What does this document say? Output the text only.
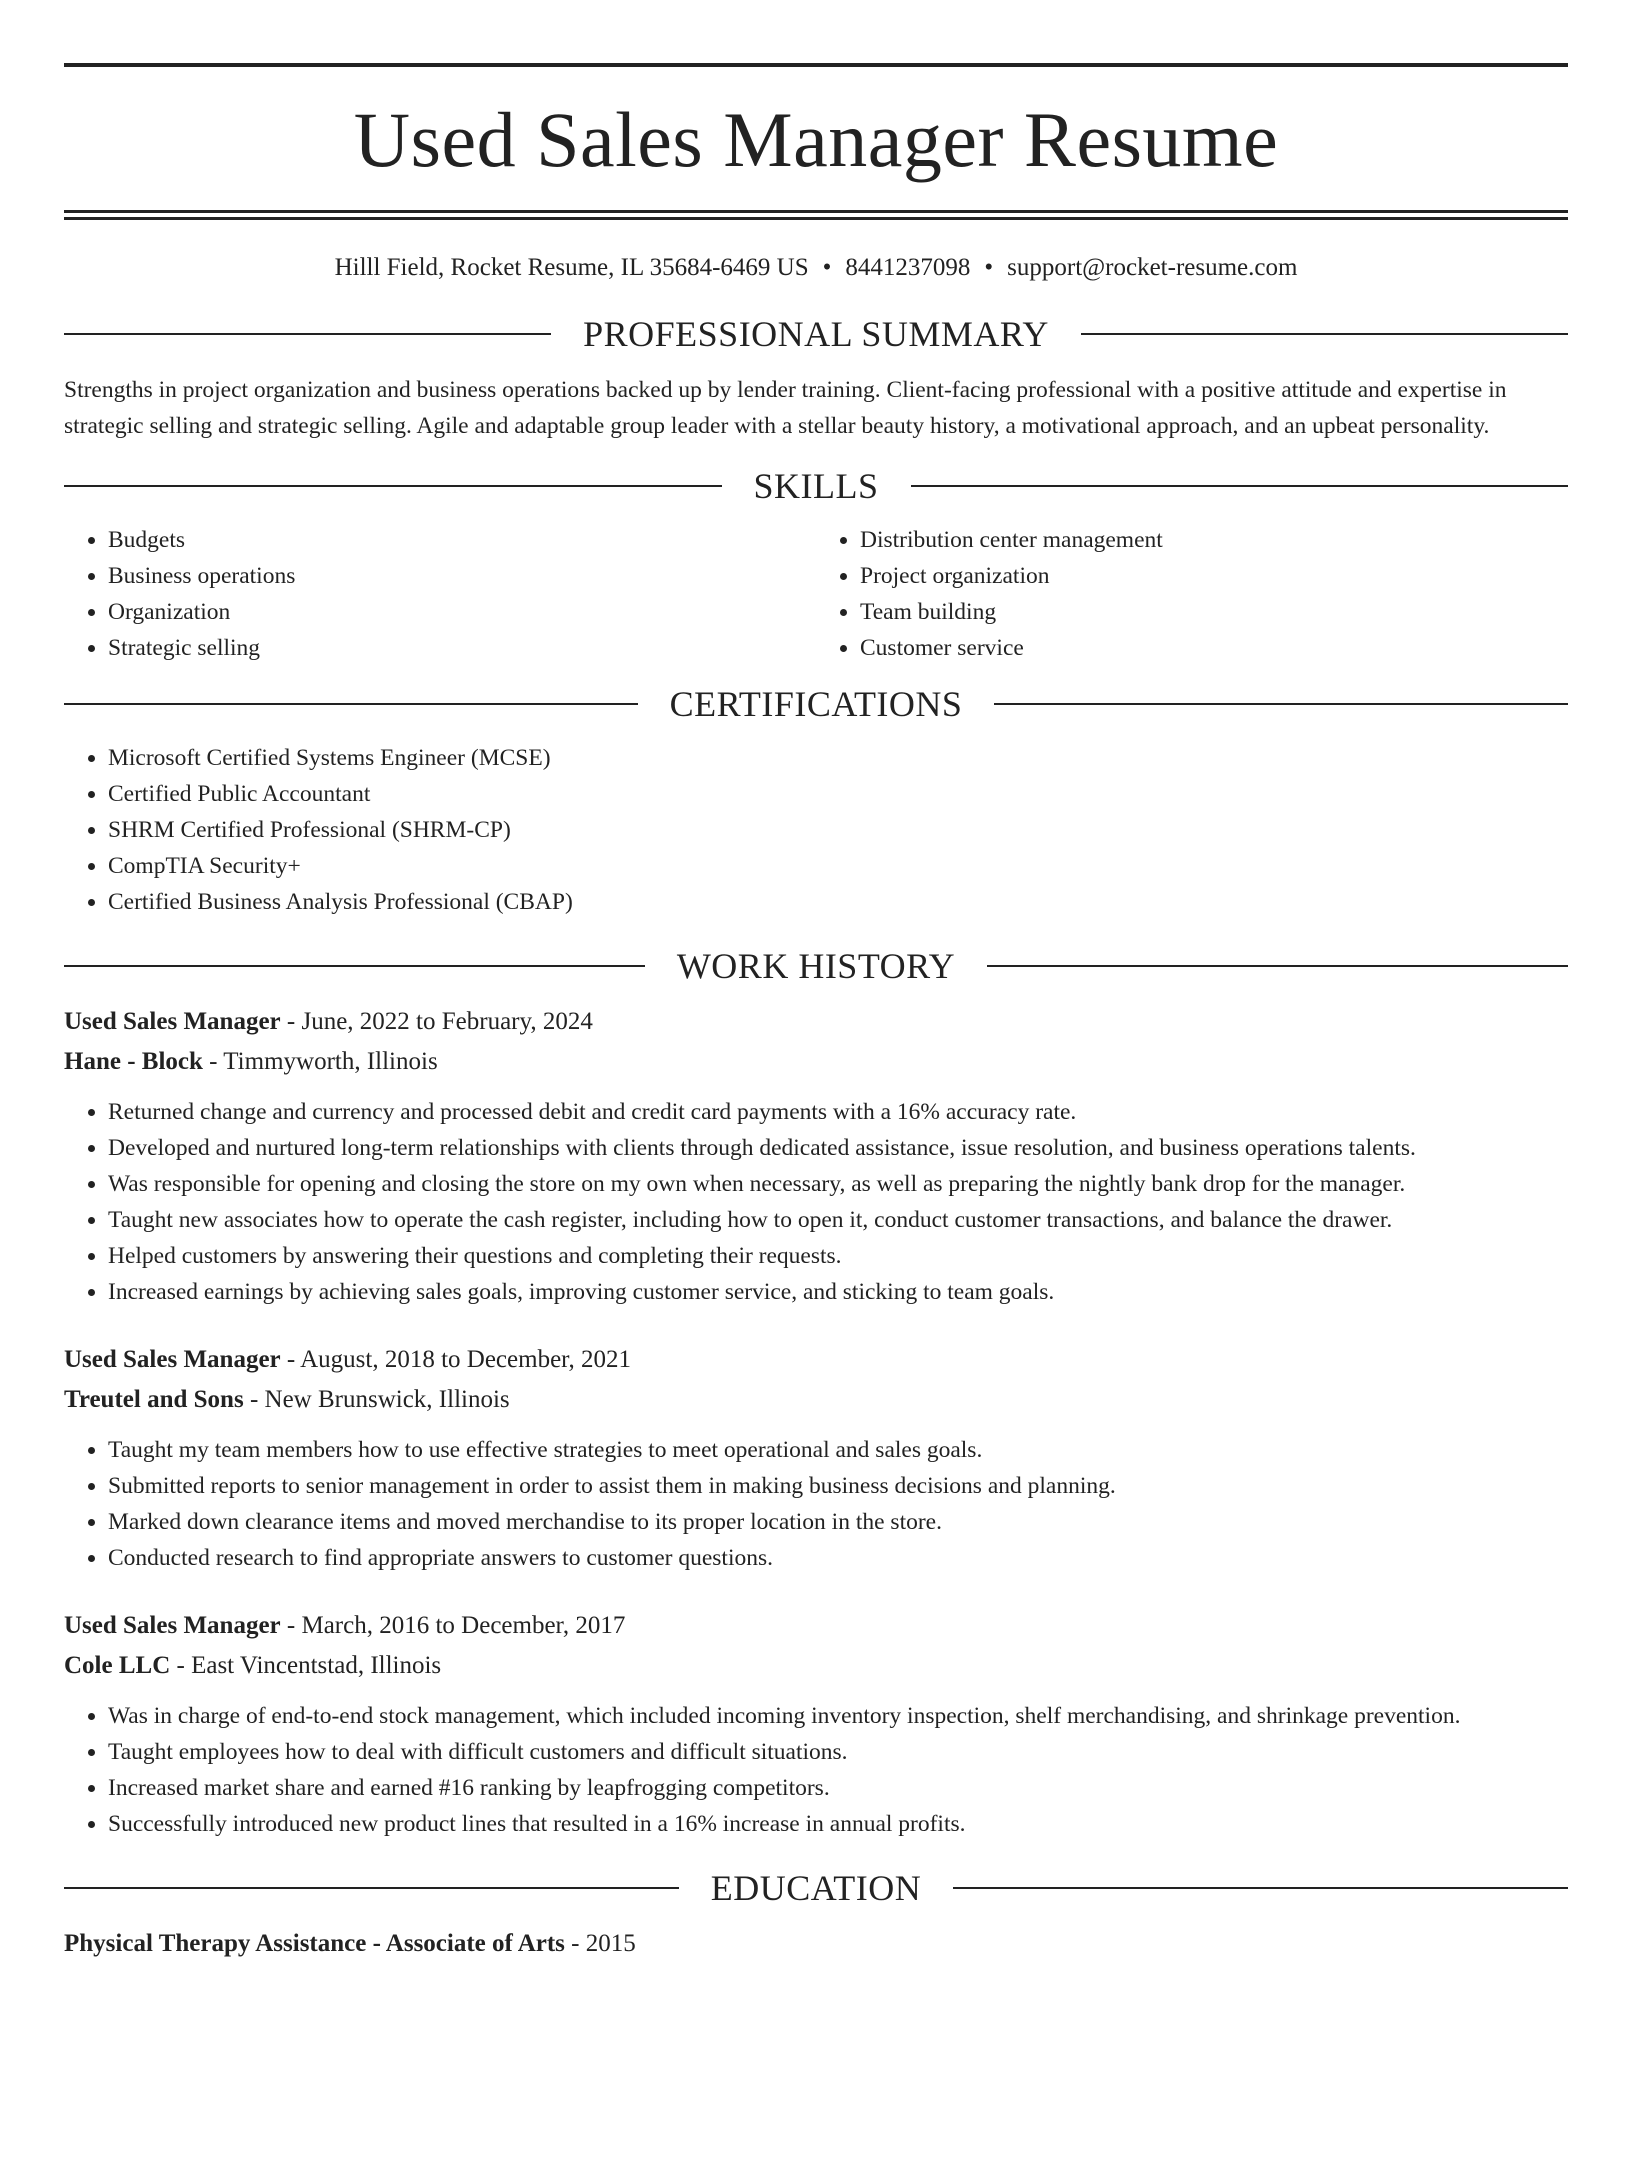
Used Sales Manager Resume
Hilll Field, Rocket Resume, IL 35684-6469 US • 8441237098 • support@rocket-resume.com
PROFESSIONAL SUMMARY

Strengths in project organization and business operations backed up by lender training. Client-facing professional with a positive attitude and expertise in strategic selling and strategic selling. Agile and adaptable group leader with a stellar beauty history, a motivational approach, and an upbeat personality.

SKILLS
• Budgets
• Business operations
• Organization
• Strategic selling
• Distribution center management
• Project organization
• Team building
• Customer service
CERTIFICATIONS
• Microsoft Certified Systems Engineer (MCSE)
• Certified Public Accountant
• SHRM Certified Professional (SHRM-CP)
• CompTIA Security+
• Certified Business Analysis Professional (CBAP)
WORK HISTORY
Used Sales Manager - June, 2022 to February, 2024
Hane - Block - Timmyworth, Illinois
• Returned change and currency and processed debit and credit card payments with a 16% accuracy rate.
• Developed and nurtured long-term relationships with clients through dedicated assistance, issue resolution, and business operations talents.
• Was responsible for opening and closing the store on my own when necessary, as well as preparing the nightly bank drop for the manager.
• Taught new associates how to operate the cash register, including how to open it, conduct customer transactions, and balance the drawer.
• Helped customers by answering their questions and completing their requests.
• Increased earnings by achieving sales goals, improving customer service, and sticking to team goals.
Used Sales Manager - August, 2018 to December, 2021
Treutel and Sons - New Brunswick, Illinois
• Taught my team members how to use effective strategies to meet operational and sales goals.
• Submitted reports to senior management in order to assist them in making business decisions and planning.
• Marked down clearance items and moved merchandise to its proper location in the store.
• Conducted research to find appropriate answers to customer questions.
Used Sales Manager - March, 2016 to December, 2017
Cole LLC - East Vincentstad, Illinois
• Was in charge of end-to-end stock management, which included incoming inventory inspection, shelf merchandising, and shrinkage prevention.
• Taught employees how to deal with difficult customers and difficult situations.
• Increased market share and earned #16 ranking by leapfrogging competitors.
• Successfully introduced new product lines that resulted in a 16% increase in annual profits.
EDUCATION
Physical Therapy Assistance - Associate of Arts - 2015
